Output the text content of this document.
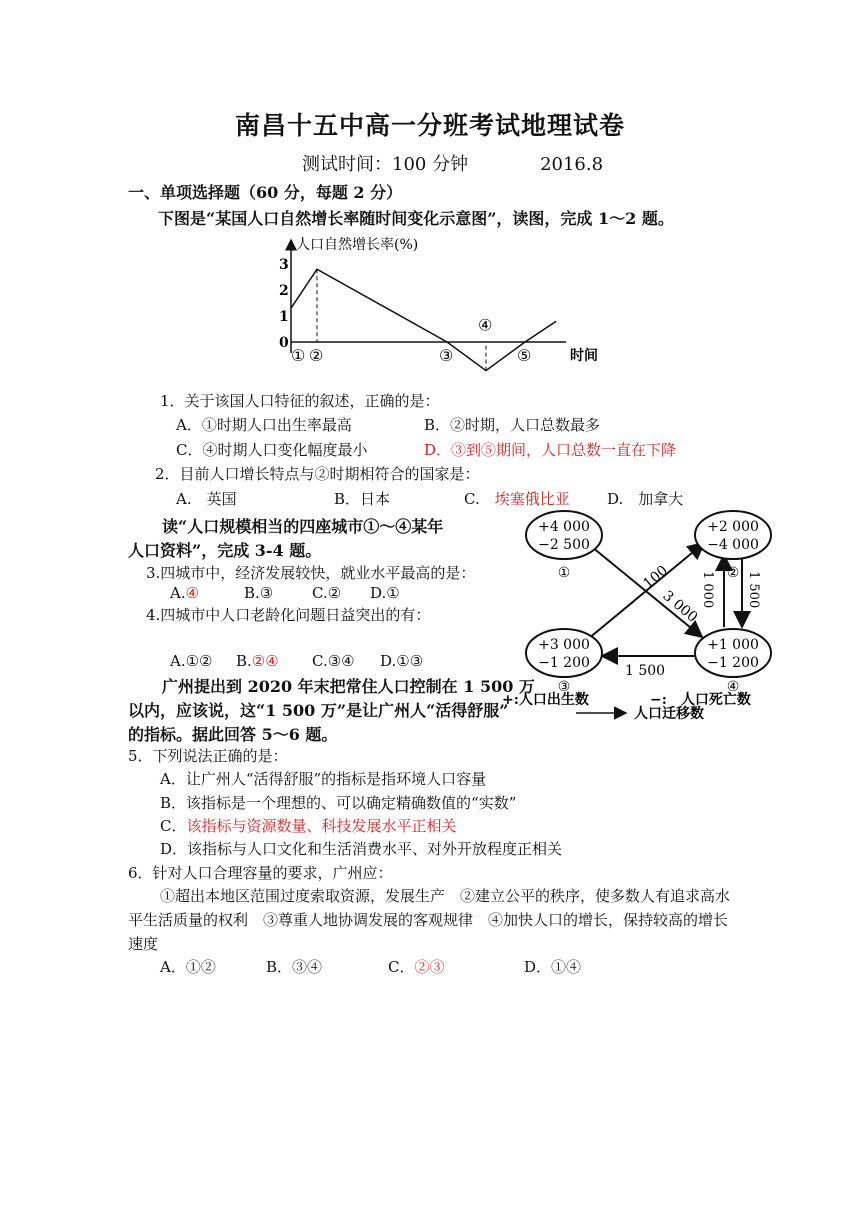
南昌十五中高一分班考试地理试卷
测试时间：100 分钟	2016.8
一、单项选择题（60 分，每题 2 分）
下图是“某国人口自然增长率随时间变化示意图”，读图，完成 1～2 题。
人口自然增长率(%)
时间
0
1
2
3
① ②	③
④
⑤
1．关于该国人口特征的叙述，正确的是：
A．①时期人口出生率最高	B．②时期，人口总数最多
C．④时期人口变化幅度最小	D．③到⑤期间，人口总数一直在下降
2．目前人口增长特点与②时期相符合的国家是：
A.　英国	B．日本	C.　 埃塞俄比亚 D.　加拿大
读“人口规模相当的四座城市①～④某年
人口资料”，完成 3-4 题。
3.四城市中，经济发展较快，就业水平最高的是：
A.④	B.③	C.② D.①
4.四城市中人口老龄化问题日益突出的有：
A.①② B.②④ C.③④ D.①③
100
3 000 1 000 1 500
1 500
+4 000
−2 500
①
+2 000
−4 000
②
+3 000
−1 200
③
+1 000
−1 200
④
+:人口出生数	−:　人口死亡数
人口迁移数
广州提出到 2020 年末把常住人口控制在 1 500 万
以内，应该说，这“1 500 万”是让广州人“活得舒服”
的指标。据此回答 5～6 题。
5．下列说法正确的是：
A．让广州人“活得舒服”的指标是指环境人口容量
B．该指标是一个理想的、可以确定精确数值的“实数”
C．该指标与资源数量、科技发展水平正相关
D．该指标与人口文化和生活消费水平、对外开放程度正相关
6．针对人口合理容量的要求，广州应：
①超出本地区范围过度索取资源，发展生产　②建立公平的秩序，使多数人有追求高水
平生活质量的权利　③尊重人地协调发展的客观规律　④加快人口的增长，保持较高的增长
速度
A．①②	B．③④	C．②③	D．①④
